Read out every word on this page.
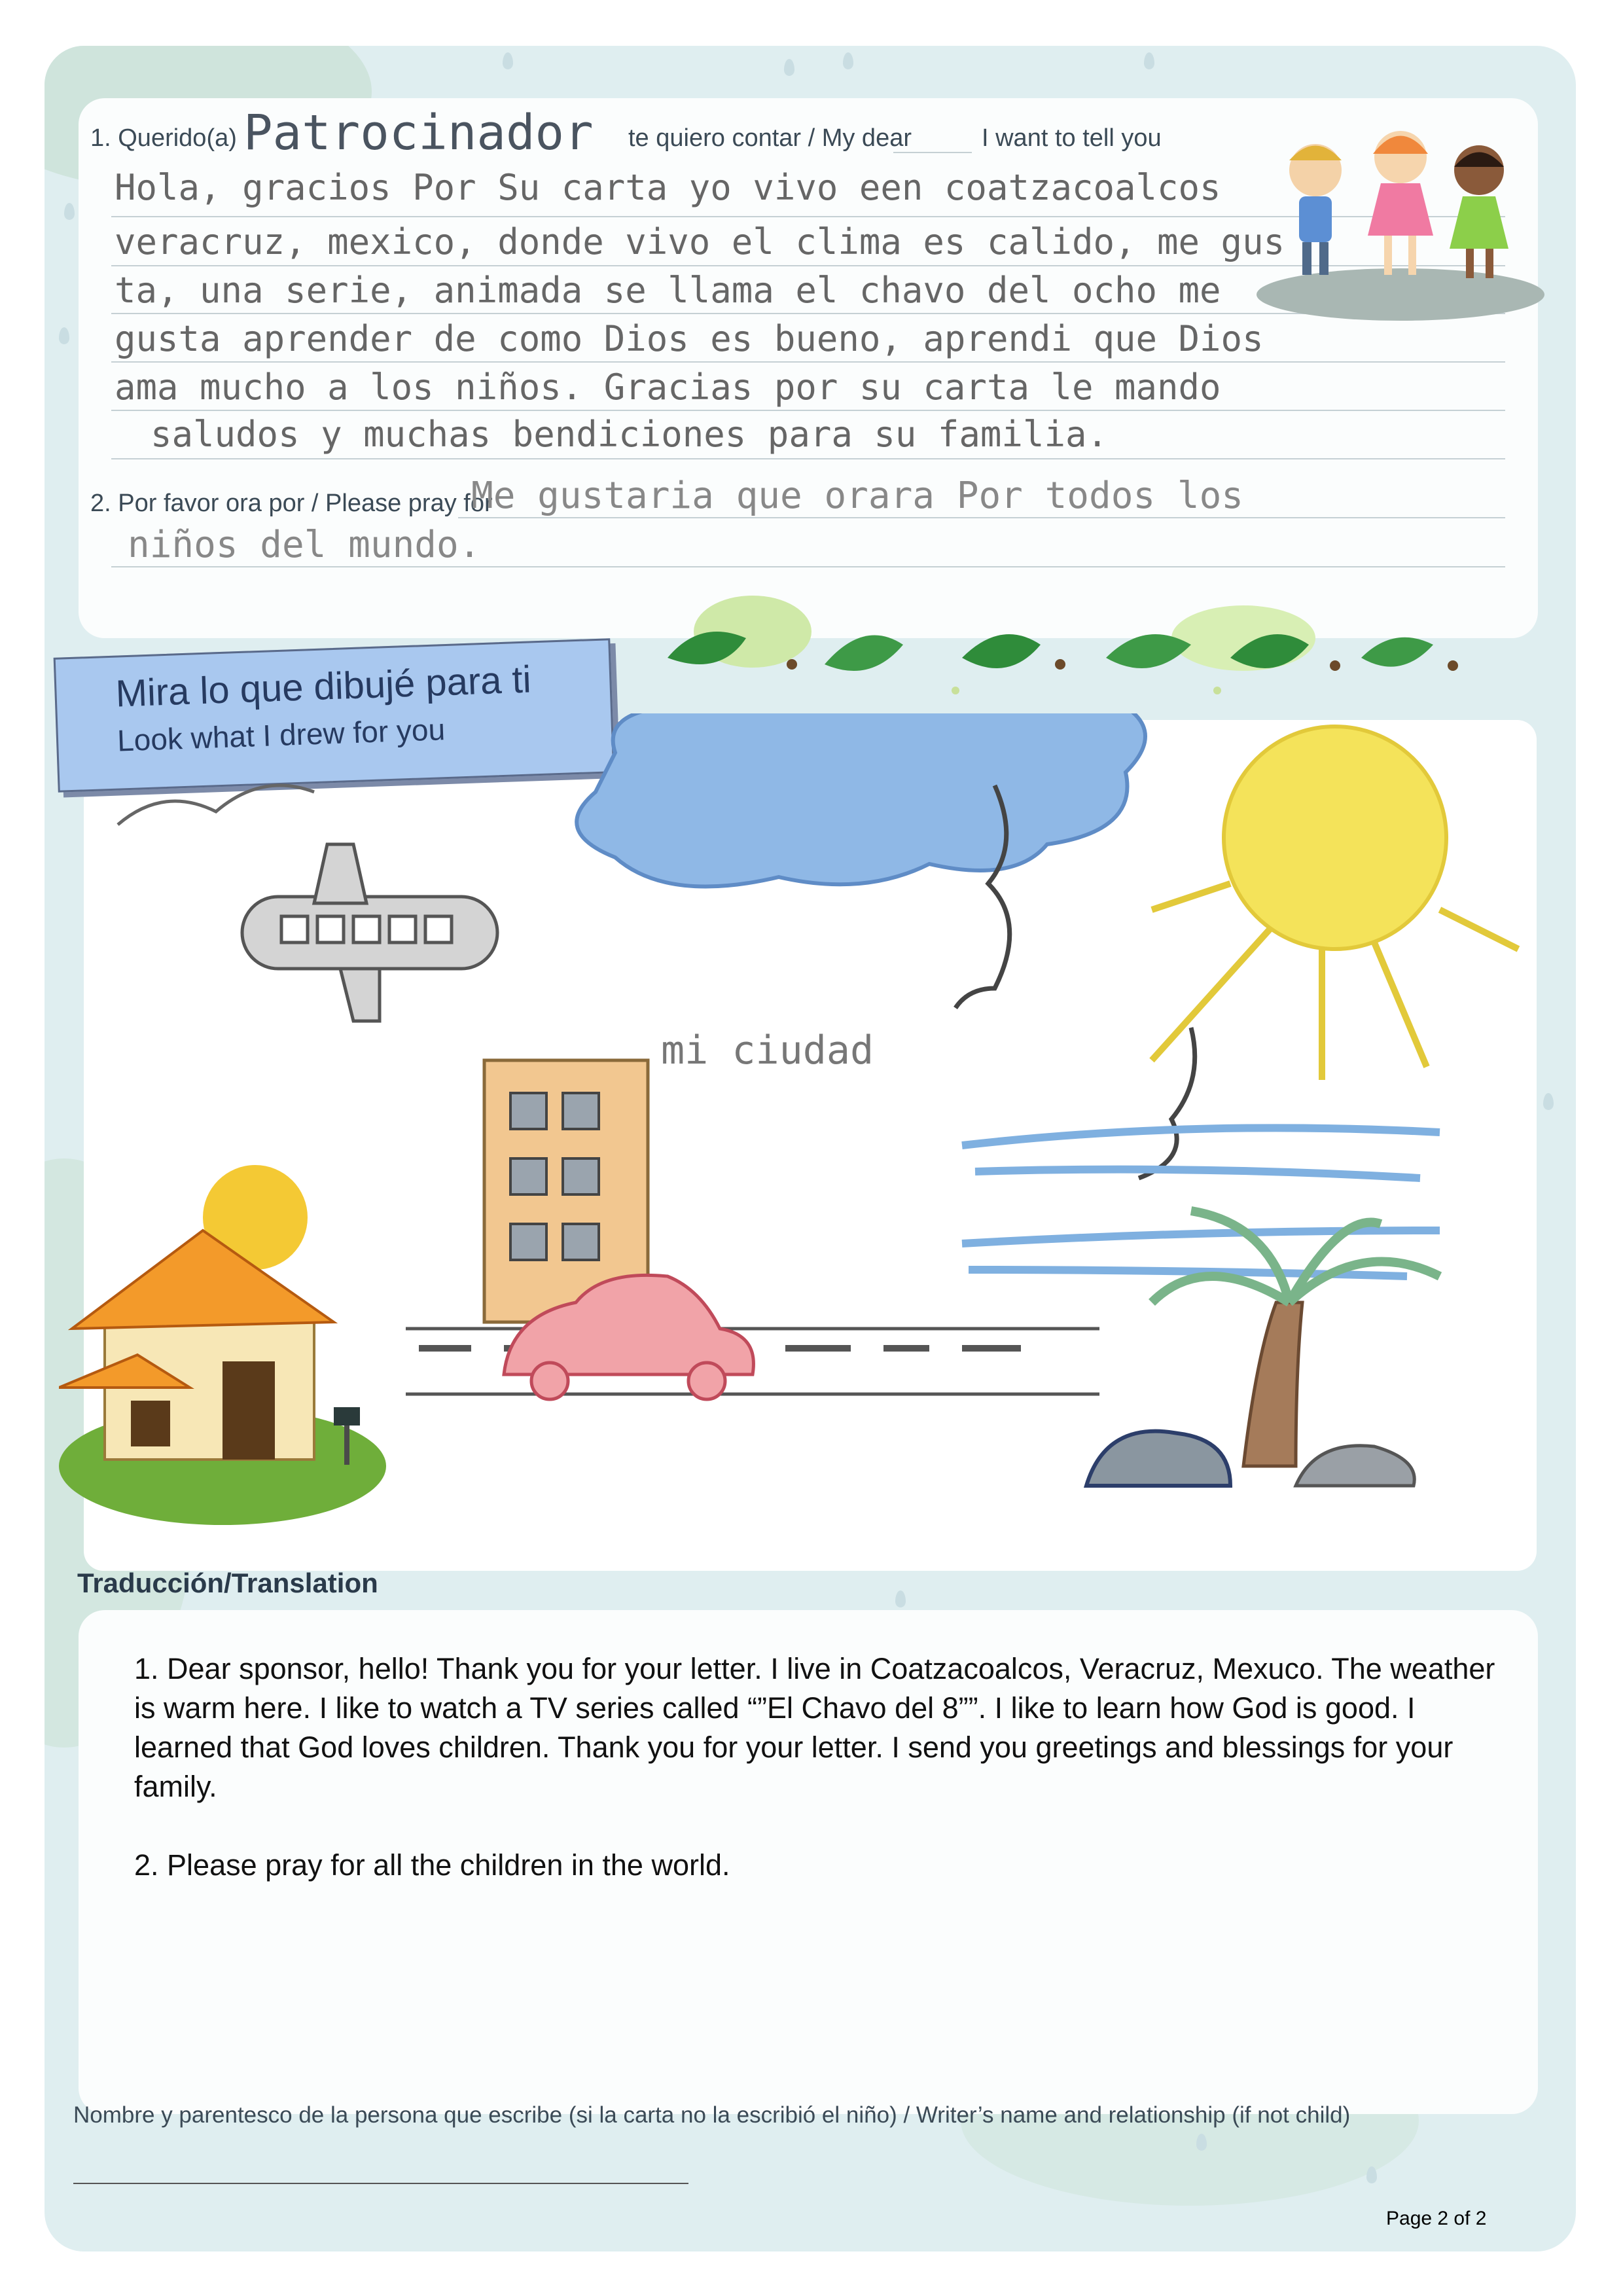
1. Querido(a) Patrocinador te quiero contar / My dear	I want to tell you
Hola, gracios Por Su carta yo vivo een coatzacoalcos
veracruz, mexico, donde vivo el clima es calido, me gus
ta, una serie, animada se llama el chavo del ocho me
gusta aprender de como Dios es bueno, aprendi que Dios
ama mucho a los niños. Gracias por su carta le mando
saludos y muchas bendiciones para su familia.
2. Por favor ora por / Please pray for
Me gustaria que orara Por todos los
niños del mundo.
Mira lo que dibujé para ti
Look what I drew for you
mi ciudad
Traducción/Translation

1. Dear sponsor, hello! Thank you for your letter. I live in Coatzacoalcos, Veracruz, Mexuco. The weather is warm here. I like to watch a TV series called “”El Chavo del 8””. I like to learn how God is good. I learned that God loves children. Thank you for your letter. I send you greetings and blessings for your family.

2. Please pray for all the children in the world.

Nombre y parentesco de la persona que escribe (si la carta no la escribió el niño) / Writer’s name and relationship (if not child)
Page 2 of 2
